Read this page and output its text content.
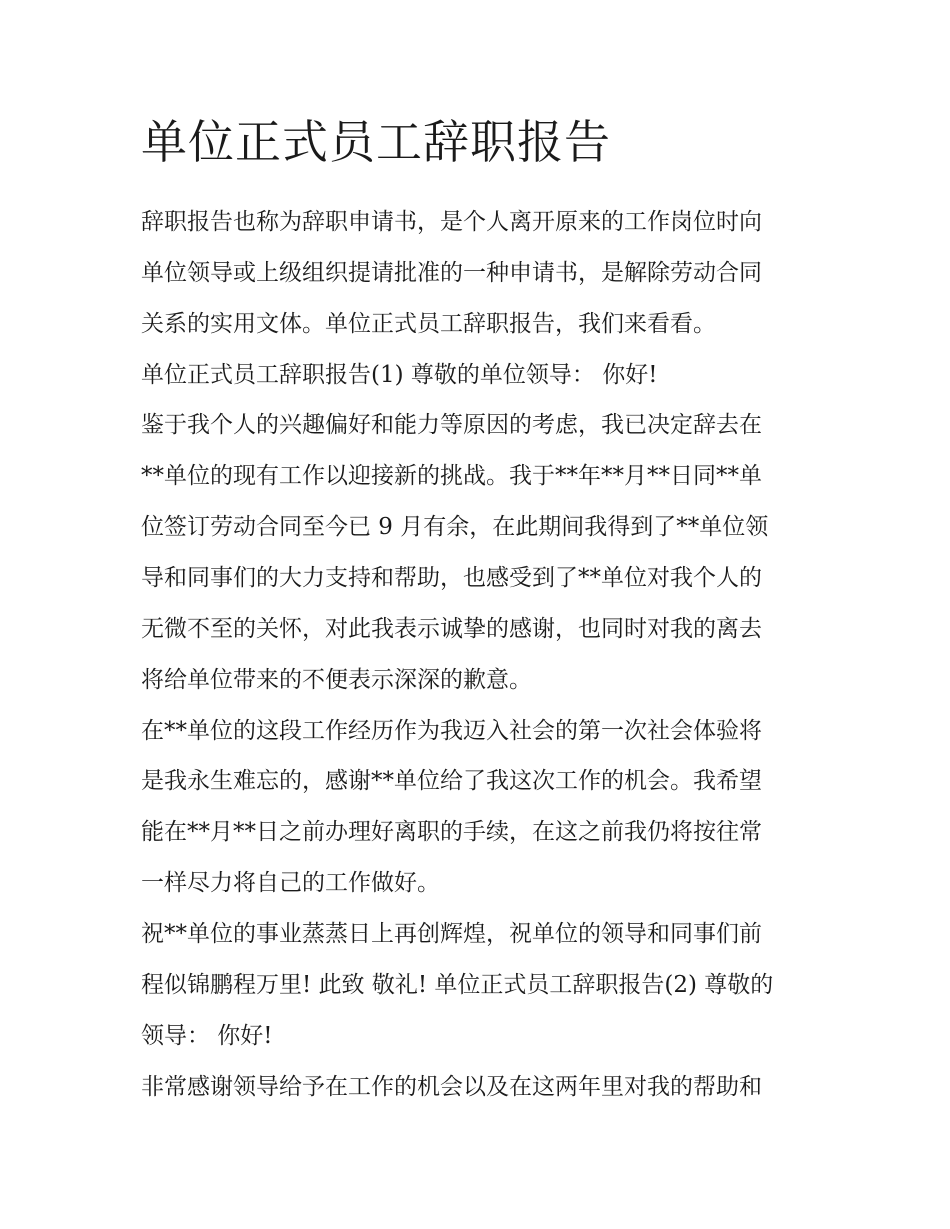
单位正式员工辞职报告
辞职报告也称为辞职申请书，是个人离开原来的工作岗位时向
单位领导或上级组织提请批准的一种申请书，是解除劳动合同
关系的实用文体。单位正式员工辞职报告，我们来看看。
单位正式员工辞职报告(1) 尊敬的单位领导： 你好!
鉴于我个人的兴趣偏好和能力等原因的考虑，我已决定辞去在
**单位的现有工作以迎接新的挑战。我于**年**月**日同**单
位签订劳动合同至今已 9 月有余，在此期间我得到了**单位领
导和同事们的大力支持和帮助，也感受到了**单位对我个人的
无微不至的关怀，对此我表示诚挚的感谢，也同时对我的离去
将给单位带来的不便表示深深的歉意。
在**单位的这段工作经历作为我迈入社会的第一次社会体验将
是我永生难忘的，感谢**单位给了我这次工作的机会。我希望
能在**月**日之前办理好离职的手续，在这之前我仍将按往常
一样尽力将自己的工作做好。
祝**单位的事业蒸蒸日上再创辉煌，祝单位的领导和同事们前
程似锦鹏程万里! 此致 敬礼! 单位正式员工辞职报告(2) 尊敬的
领导： 你好!
非常感谢领导给予在工作的机会以及在这两年里对我的帮助和
